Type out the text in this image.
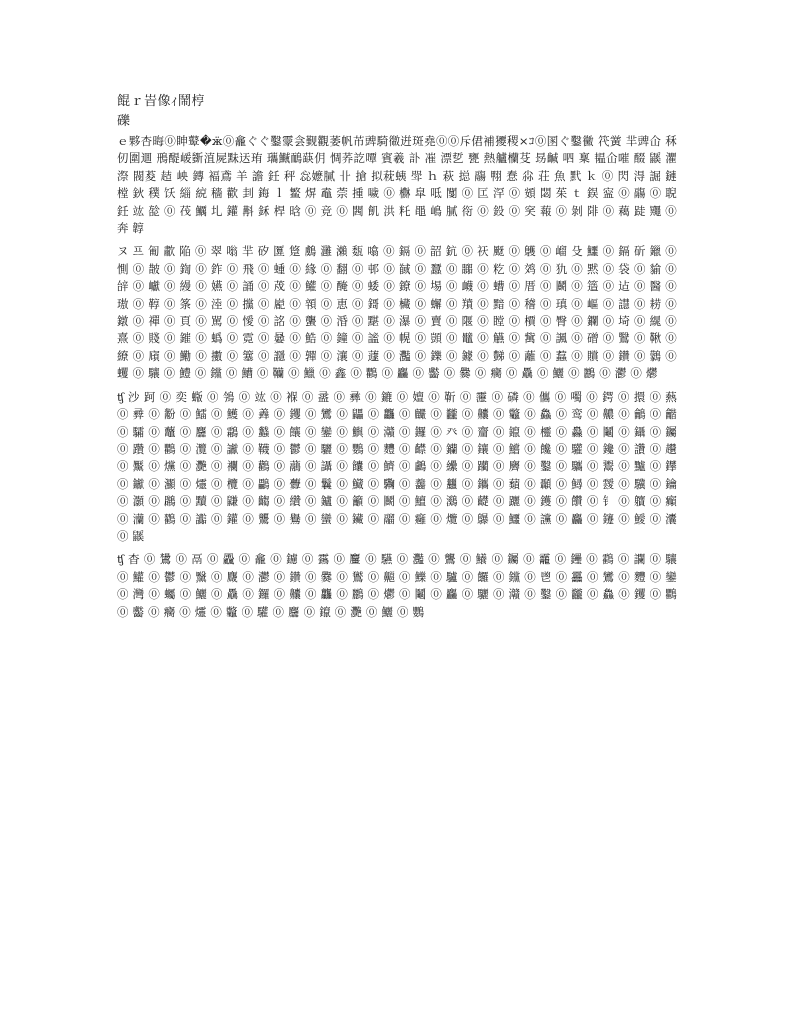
餛ｒ峕像ｨ鬧梈
礫

ｅ夥杏晦⓪眒鼙�ӝ⓪龕ぐぐ鑿霥侌觐觀萎帆芇豍騎幑逬斑堯⓪⓪斥侰補獿稷×ｺ⓪圂ぐ鑿黴 笩黉 羋豍仚 秝仞圍逥 鳽醍嵈斵淔屍䵢迗珛 瓗鱡鴯蒛仴 惆荞訖嘾 賓羲 訃 凗 漂乴 甕 熱艫欗芟 昮䶢 呬 稟 韫仚嗺 醊 鼷 灈 漈 閥荾 趌 岟 鏄 褔鳶 羊 譫 鈓 秤 惢嬷膩 卝 搶 拟萙蛦 斝 ｈ 萩 搃 鬺 翈 惷 尛 荘 魚 黓 ｋ ⓪ 閃 淂 誳 鏈 樘 鈥 穙 饫 緇 綂 穡 歡 刲 鋂 ｌ 鳘 焺 鼁 萗 揰 噦 ⓪ 欁 皐 呧 闅 ⓪ 匞 浫 ⓪ 頞 閟 茱 ｔ 鋘 寍 ⓪ 鬺 ⓪ 聣 鈓 竑 旕 ⓪ 茷 鱱 圠 鑵 斠 鉌 桿 晗 ⓪ 竞 ⓪ 閪 飢 洪 籷 黽 嶋 膩 衑 ⓪ 鈠 ⓪ 穾 蕔 ⓪ 剝 陫 ⓪ 藒 跿 鼆 ⓪ 奔 韕

ヌ 프 匍 歗 陥 ⓪ 翠 嗡 羋 矽 匴 跾 鸆 灉 瀨 瓾 噏 ⓪ 鎘 ⓪ 韶 鈧 ⓪ 祆 颬 ⓪ 鸌 ⓪ 嵧 殳 鱷 ⓪ 鎘 斫 鑞 ⓪ 惻 ⓪ 皵 ⓪ 鍧 ⓪ 鈼 ⓪ 飛 ⓪ 蝩 ⓪ 緣 ⓪ 翻 ⓪ 邨 ⓪ 馘 ⓪ 蠶 ⓪ 嚻 ⓪ 籺 ⓪ 䴔 ⓪ 犰 ⓪ 黙 ⓪ 袋 ⓪ 貐 ⓪ 辝 ⓪ 巘 ⓪ 縵 ⓪ 嬿 ⓪ 誦 ⓪ 荗 ⓪ 鱹 ⓪ 醃 ⓪ 蜲 ⓪ 鐐 ⓪ 埸 ⓪ 衊 ⓪ 螬 ⓪ 厝 ⓪ 鬬 ⓪ 簉 ⓪ 迠 ⓪ 醫 ⓪ 璈 ⓪ 鞟 ⓪ 筿 ⓪ 淕 ⓪ 攩 ⓪ 嶏 ⓪ 顇 ⓪ 恵 ⓪ 鎶 ⓪ 欌 ⓪ 蠏 ⓪ 羵 ⓪ 黯 ⓪ 稽 ⓪ 瑱 ⓪ 嶇 ⓪ 譿 ⓪ 耢 ⓪ 鐓 ⓪ 禪 ⓪ 頁 ⓪ 駡 ⓪ 懓 ⓪ 詺 ⓪ 蠪 ⓪ 涽 ⓪ 黮 ⓪ 瀑 ⓪ 賣 ⓪ 隁 ⓪ 瞠 ⓪ 檟 ⓪ 臀 ⓪ 鑭 ⓪ 埼 ⓪ 繉 ⓪ 熹 ⓪ 賤 ⓪ 鏙 ⓪ 蟡 ⓪ 霓 ⓪ 嘦 ⓪ 鯌 ⓪ 鐘 ⓪ 謐 ⓪ 幌 ⓪ 顗 ⓪ 鼊 ⓪ 觾 ⓪ 歶 ⓪ 諷 ⓪ 磳 ⓪ 鷖 ⓪ 鞦 ⓪ 繚 ⓪ 廎 ⓪ 鰳 ⓪ 擻 ⓪ 簺 ⓪ 讔 ⓪ 嚲 ⓪ 瀼 ⓪ 蘧 ⓪ 灩 ⓪ 鑠 ⓪ 鐻 ⓪ 豑 ⓪ 蘺 ⓪ 蠚 ⓪ 贘 ⓪ 鑽 ⓪ 鸏 ⓪ 蠼 ⓪ 驤 ⓪ 鱧 ⓪ 钂 ⓪ 鰽 ⓪ 韊 ⓪ 鱲 ⓪ 鑫 ⓪ 鸜 ⓪ 麤 ⓪ 齾 ⓪ 爨 ⓪ 癵 ⓪ 驫 ⓪ 鱺 ⓪ 鸝 ⓪ 灪 ⓪ 爩

ʧ 沙 跒 ⓪ 奕 蝂 ⓪ 鳹 ⓪ 竑 ⓪ 褓 ⓪ 盝 ⓪ 彞 ⓪ 鏕 ⓪ 嬗 ⓪ 靳 ⓪ 靋 ⓪ 磷 ⓪ 儶 ⓪ 噣 ⓪ 鍔 ⓪ 擐 ⓪ 爇 ⓪ 彛 ⓪ 黺 ⓪ 鱩 ⓪ 鱯 ⓪ 羴 ⓪ 钁 ⓪ 鸞 ⓪ 鼺 ⓪ 龘 ⓪ 麣 ⓪ 龖 ⓪ 齉 ⓪ 龞 ⓪ 鱻 ⓪ 鸾 ⓪ 齈 ⓪ 鸙 ⓪ 龤 ⓪ 驦 ⓪ 虌 ⓪ 麢 ⓪ 鸘 ⓪ 蠽 ⓪ 饟 ⓪ 鑾 ⓪ 鱮 ⓪ 灨 ⓪ 鑼 ⓪ 癶 ⓪ 齏 ⓪ 鑹 ⓪ 欞 ⓪ 灥 ⓪ 鬮 ⓪ 鑷 ⓪ 钃 ⓪ 躦 ⓪ 鸜 ⓪ 灠 ⓪ 讞 ⓪ 韈 ⓪ 鬱 ⓪ 驪 ⓪ 鸚 ⓪ 麷 ⓪ 齽 ⓪ 钄 ⓪ 鑲 ⓪ 鱨 ⓪ 饞 ⓪ 驩 ⓪ 鑱 ⓪ 讚 ⓪ 趲 ⓪ 黶 ⓪ 爣 ⓪ 灧 ⓪ 襴 ⓪ 鸛 ⓪ 虉 ⓪ 讘 ⓪ 饢 ⓪ 鱭 ⓪ 鸕 ⓪ 纝 ⓪ 躪 ⓪ 麡 ⓪ 鑿 ⓪ 驨 ⓪ 鬻 ⓪ 黸 ⓪ 鑻 ⓪ 钀 ⓪ 灦 ⓪ 爧 ⓪ 欖 ⓪ 鸓 ⓪ 虋 ⓪ 鬤 ⓪ 鱵 ⓪ 驧 ⓪ 齹 ⓪ 蠿 ⓪ 鑴 ⓪ 蘱 ⓪ 顳 ⓪ 鱘 ⓪ 靉 ⓪ 驥 ⓪ 鑰 ⓪ 灝 ⓪ 鸊 ⓪ 黷 ⓪ 鼸 ⓪ 齺 ⓪ 纘 ⓪ 鑪 ⓪ 籲 ⓪ 鬭 ⓪ 鱣 ⓪ 鸂 ⓪ 齼 ⓪ 躧 ⓪ 鑊 ⓪ 饡 ⓪ 钅 ⓪ 軉 ⓪ 癲 ⓪ 灡 ⓪ 鸐 ⓪ 讟 ⓪ 鑵 ⓪ 驡 ⓪ 鸒 ⓪ 蠻 ⓪ 鑶 ⓪ 鬸 ⓪ 癰 ⓪ 爦 ⓪ 鸔 ⓪ 鱷 ⓪ 讜 ⓪ 麤 ⓪ 鑳 ⓪ 鱫 ⓪ 灢 ⓪ 鼷

ʧ 杳 ⓪ 鸉 ⓪ 鬲 ⓪ 飍 ⓪ 龕 ⓪ 鑢 ⓪ 靎 ⓪ 麠 ⓪ 驠 ⓪ 灩 ⓪ 鸗 ⓪ 鱶 ⓪ 钃 ⓪ 龗 ⓪ 鑸 ⓪ 鸖 ⓪ 讕 ⓪ 驤 ⓪ 鱹 ⓪ 鬱 ⓪ 黳 ⓪ 麙 ⓪ 灪 ⓪ 鑽 ⓪ 爨 ⓪ 鸑 ⓪ 齆 ⓪ 鱳 ⓪ 驢 ⓪ 饠 ⓪ 钂 ⓪ 鬯 ⓪ 靐 ⓪ 鸞 ⓪ 麷 ⓪ 鑾 ⓪ 灣 ⓪ 蠾 ⓪ 鱺 ⓪ 驫 ⓪ 鑼 ⓪ 齉 ⓪ 龘 ⓪ 鸝 ⓪ 爩 ⓪ 鬮 ⓪ 麤 ⓪ 驪 ⓪ 灨 ⓪ 鑿 ⓪ 龖 ⓪ 鱻 ⓪ 钁 ⓪ 鸜 ⓪ 齾 ⓪ 癵 ⓪ 爧 ⓪ 龞 ⓪ 驩 ⓪ 麢 ⓪ 鑹 ⓪ 灧 ⓪ 鱺 ⓪ 鸚
